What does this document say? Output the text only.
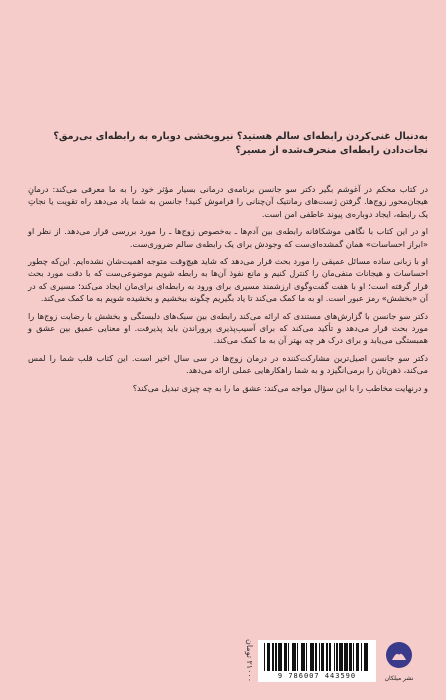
به‌دنبال غنی‌کردن رابطه‌ای سالم هستید؟ نیروبخشی دوباره به رابطه‌ای بی‌رمق؟

نجات‌دادن رابطه‌ای منحرف‌شده از مسیر؟

در کتاب محکم در آغوشم بگیر دکتر سو جانسن برنامه‌ی درمانی بسیار مؤثر خود را به ما معرفی می‌کند: درمانِ هیجان‌محور زوج‌ها. گرفتن ژست‌های رمانتیک آن‌چنانی را فراموش کنید! جانسن به شما یاد می‌دهد راه تقویت یا نجاتِ یک رابطه، ایجاد دوباره‌ی پیوند عاطفی امن است.

او در این کتاب با نگاهی موشکافانه رابطه‌ی بین آدم‌ها ـ به‌خصوص زوج‌ها ـ را مورد بررسی قرار می‌دهد. از نظر او «ابراز احساسات» همان گمشده‌ای‌ست که وجودش برای یک رابطه‌ی سالم ضروری‌ست.

او با زبانی ساده مسائل عمیقی را مورد بحث قرار می‌دهد که شاید هیچ‌وقت متوجه اهمیت‌شان نشده‌ایم. این‌که چطور احساسات و هیجانات منفی‌مان را کنترل کنیم و مانع نفوذ آن‌ها به رابطه شویم موضوعی‌ست که با دقت مورد بحث قرار گرفته است؛ او با هفت گفت‌وگوی ارزشمند مسیری برای ورود به رابطه‌ای برای‌مان ایجاد می‌کند؛ مسیری که در آن «بخشش» رمز عبور است. او به ما کمک می‌کند تا یاد بگیریم چگونه ببخشیم و بخشیده شویم به ما کمک می‌کند.

دکتر سو جانسن با گزارش‌های مستندی که ارائه می‌کند رابطه‌ی بین سبک‌های دلبستگی و بخشش با رضایت زوج‌ها را مورد بحث قرار می‌دهد و تأکید می‌کند که برای آسیب‌پذیری پروراندن باید پذیرفت. او معنایی عمیق بین عشق و همبستگی می‌یابد و برای درک هر چه بهتر آن به ما کمک می‌کند.

دکتر سو جانسن اصیل‌ترین مشارکت‌کننده در درمان زوج‌ها در سی سال اخیر است. این کتاب قلب شما را لمس می‌کند، ذهن‌تان را برمی‌انگیزد و به شما راهکارهایی عملی ارائه می‌دهد.

و درنهایت مخاطب را با این سؤال مواجه می‌کند: عشق ما را به چه چیزی تبدیل می‌کند؟

۲۱۰۰۰ تومان	9 786007 443590	نشر میلکان
